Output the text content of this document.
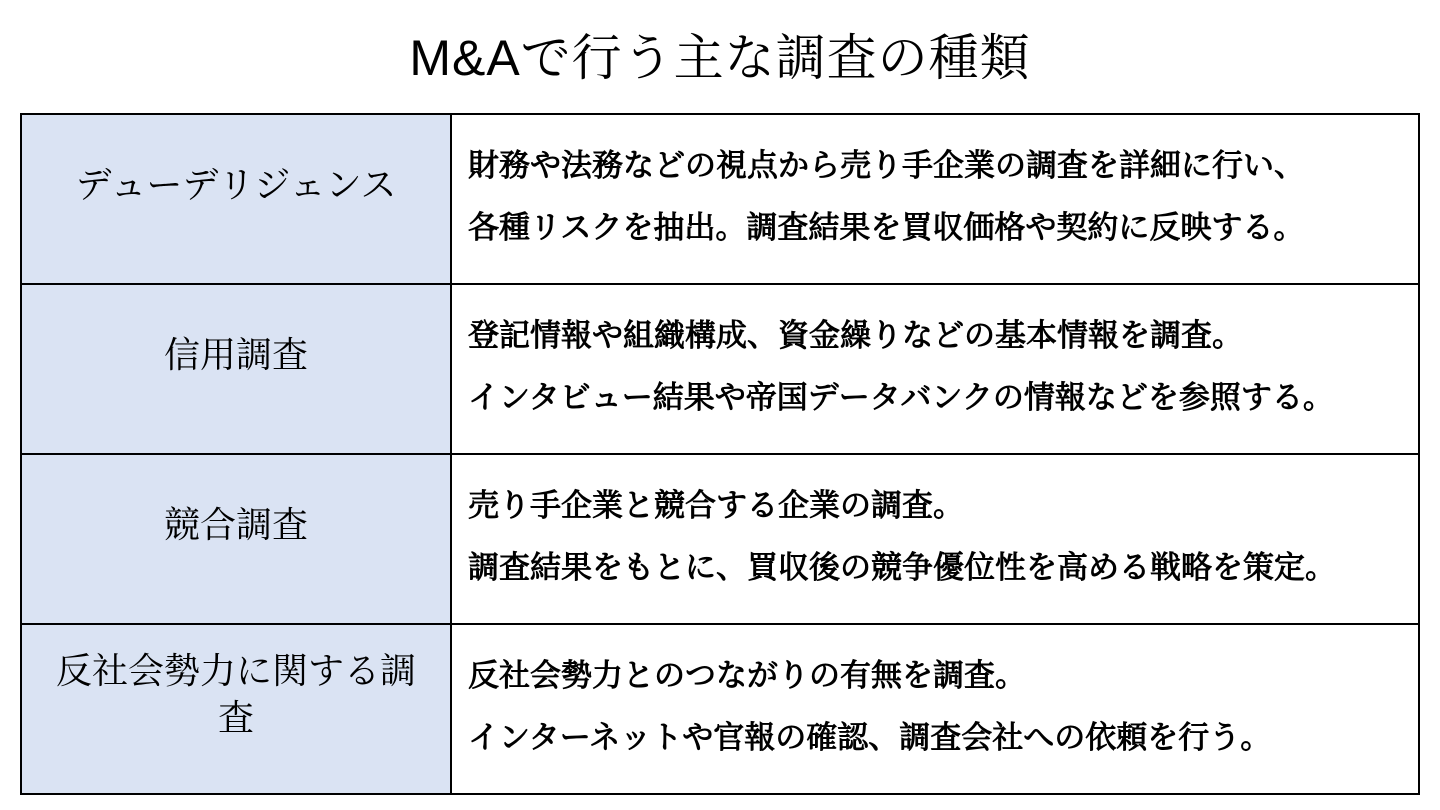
M&Aで行う主な調査の種類
デューデリジェンス	財務や法務などの視点から売り手企業の調査を詳細に行い、
各種リスクを抽出。調査結果を買収価格や契約に反映する。

信用調査	登記情報や組織構成、資金繰りなどの基本情報を調査。
インタビュー結果や帝国データバンクの情報などを参照する。

競合調査	売り手企業と競合する企業の調査。
調査結果をもとに、買収後の競争優位性を高める戦略を策定。

反社会勢力に関する調査	反社会勢力とのつながりの有無を調査。
インターネットや官報の確認、調査会社への依頼を行う。
